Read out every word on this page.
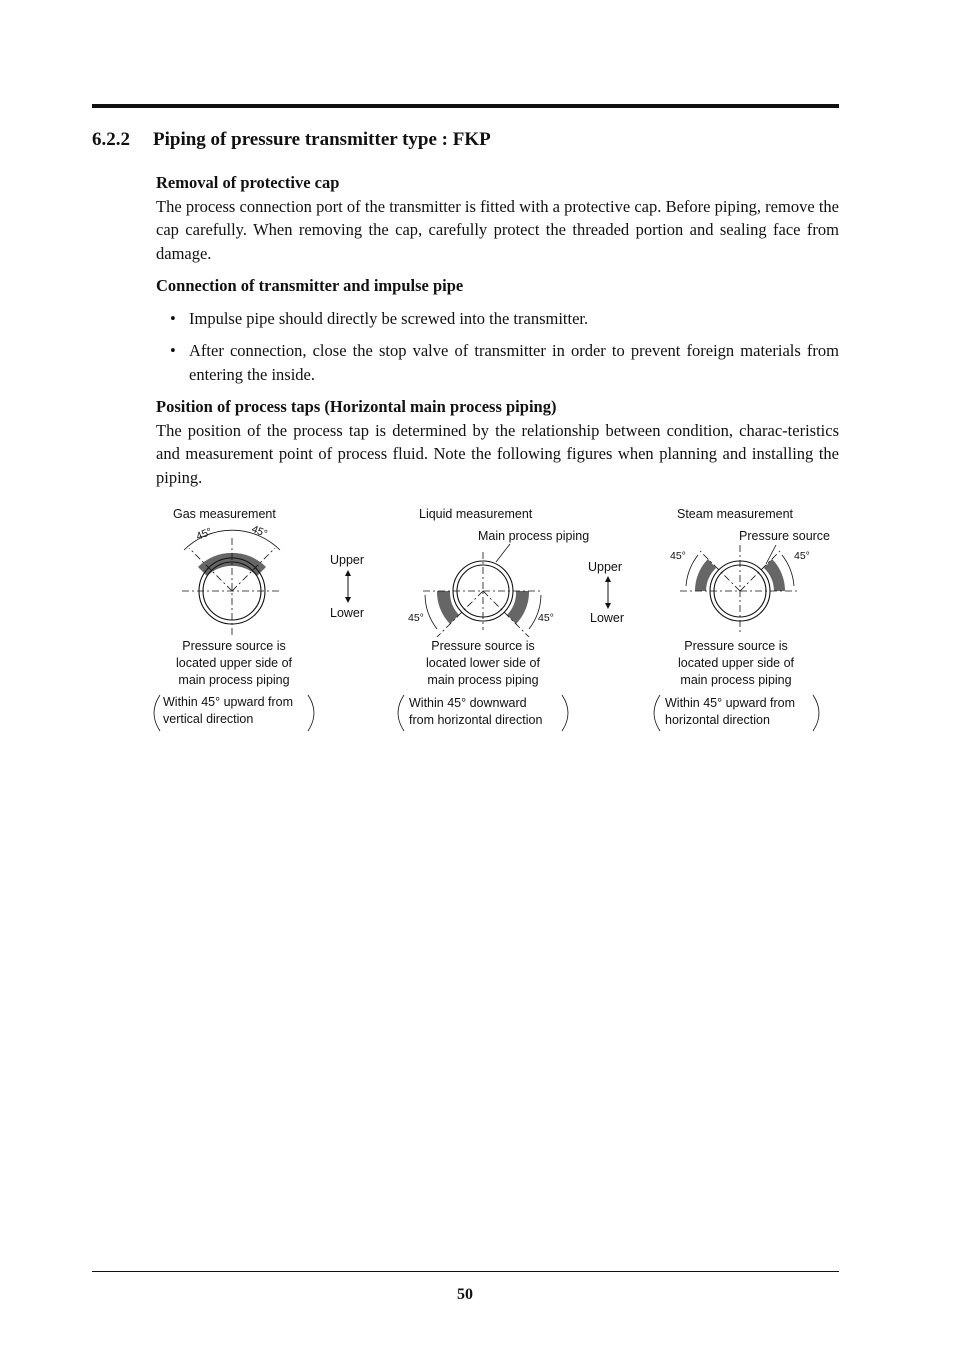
6.2.2 Piping of pressure transmitter type : FKP

Removal of protective cap

The process connection port of the transmitter is fitted with a protective cap. Before piping, remove the cap carefully. When removing the cap, carefully protect the threaded portion and sealing face from damage.

Connection of transmitter and impulse pipe

• Impulse pipe should directly be screwed into the transmitter.
• After connection, close the stop valve of transmitter in order to prevent foreign materials from entering the inside.

Position of process taps (Horizontal main process piping)

The position of the process tap is determined by the relationship between condition, charac-teristics and measurement point of process fluid. Note the following figures when planning and installing the piping.

Gas measurement
45°	45°
Pressure source is
located upper side of
main process piping
Within 45° upward from
vertical direction
Upper
Lower
Liquid measurement
Main process piping
45°	45°
Pressure source is
located lower side of
main process piping
Within 45° downward
from horizontal direction
Upper
Lower
Steam measurement
Pressure source
45°	45°
Pressure source is
located upper side of
main process piping
Within 45° upward from
horizontal direction
50
